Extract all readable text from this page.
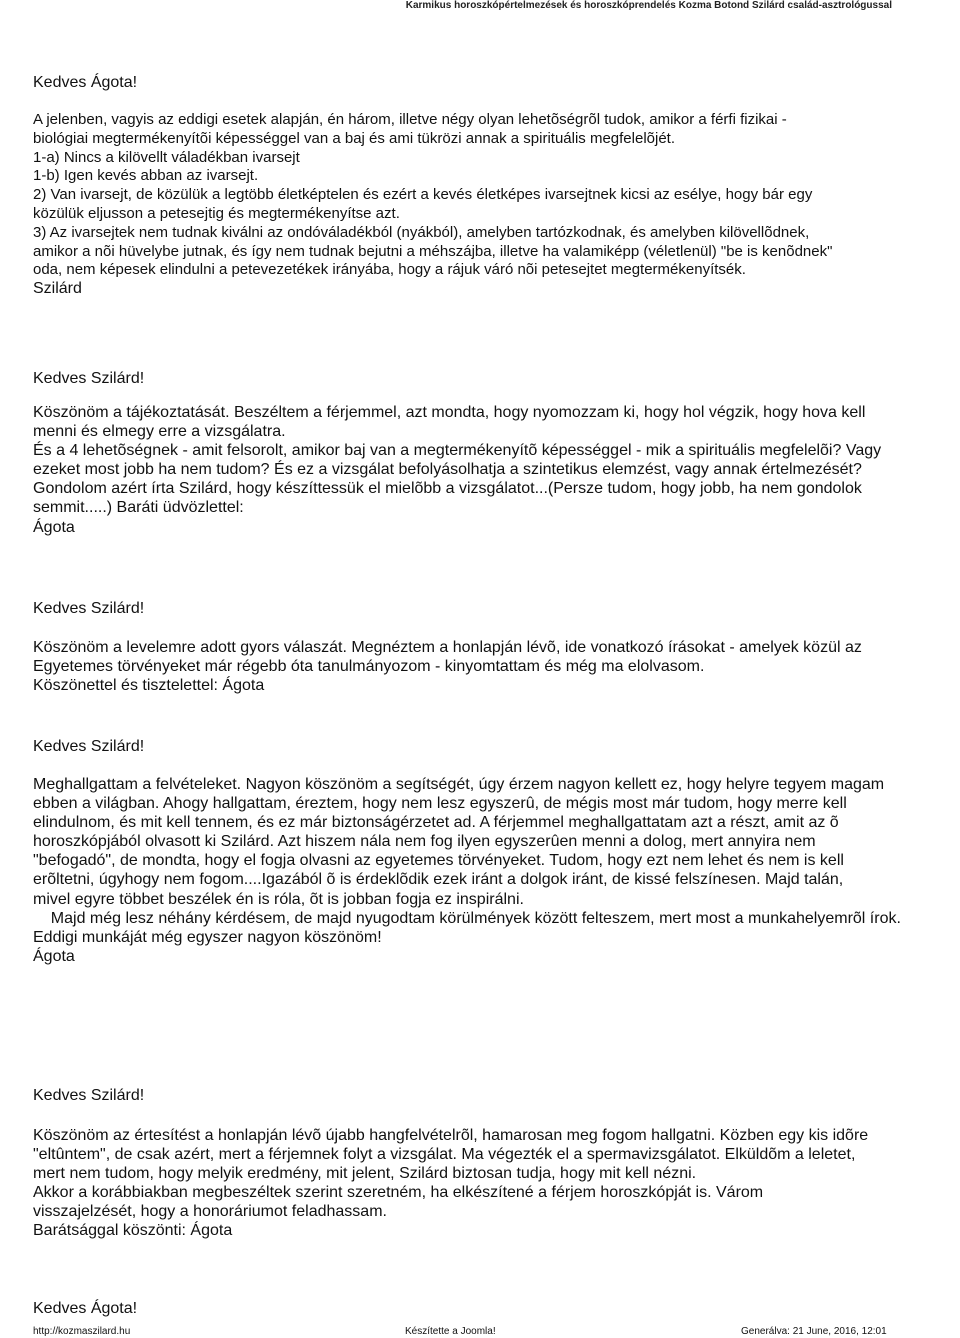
Karmikus horoszkópértelmezések és horoszkóprendelés Kozma Botond Szilárd család-asztrológussal
Kedves Ágota!
A jelenben, vagyis az eddigi esetek alapján, én három, illetve négy olyan lehetõségrõl tudok, amikor a férfi fizikai -
biológiai megtermékenyítõi képességgel van a baj és ami tükrözi annak a spirituális megfelelõjét.
1-a) Nincs a kilövellt váladékban ivarsejt
1-b) Igen kevés abban az ivarsejt.
2) Van ivarsejt, de közülük a legtöbb életképtelen és ezért a kevés életképes ivarsejtnek kicsi az esélye, hogy bár egy
közülük eljusson a petesejtig és megtermékenyítse azt.
3) Az ivarsejtek nem tudnak kiválni az ondóváladékból (nyákból), amelyben tartózkodnak, és amelyben kilövellõdnek,
amikor a nõi hüvelybe jutnak, és így nem tudnak bejutni a méhszájba, illetve ha valamiképp (véletlenül) "be is kenõdnek"
oda, nem képesek elindulni a petevezetékek irányába, hogy a rájuk váró nõi petesejtet megtermékenyítsék.
Szilárd
Kedves Szilárd!
Köszönöm a tájékoztatását. Beszéltem a férjemmel, azt mondta, hogy nyomozzam ki, hogy hol végzik, hogy hova kell
menni és elmegy erre a vizsgálatra.
És a 4 lehetõségnek - amit felsorolt, amikor baj van a megtermékenyítõ képességgel - mik a spirituális megfelelõi? Vagy
ezeket most jobb ha nem tudom? És ez a vizsgálat befolyásolhatja a szintetikus elemzést, vagy annak értelmezését?
Gondolom azért írta Szilárd, hogy készíttessük el mielõbb a vizsgálatot...(Persze tudom, hogy jobb, ha nem gondolok
semmit.....) Baráti üdvözlettel:
Ágota
Kedves Szilárd!
Köszönöm a levelemre adott gyors válaszát. Megnéztem a honlapján lévõ, ide vonatkozó írásokat - amelyek közül az
Egyetemes törvényeket már régebb óta tanulmányozom - kinyomtattam és még ma elolvasom.
Köszönettel és tisztelettel: Ágota
Kedves Szilárd!
Meghallgattam a felvételeket. Nagyon köszönöm a segítségét, úgy érzem nagyon kellett ez, hogy helyre tegyem magam
ebben a világban. Ahogy hallgattam, éreztem, hogy nem lesz egyszerû, de mégis most már tudom, hogy merre kell
elindulnom, és mit kell tennem, és ez már biztonságérzetet ad. A férjemmel meghallgattatam azt a részt, amit az õ
horoszkópjából olvasott ki Szilárd. Azt hiszem nála nem fog ilyen egyszerûen menni a dolog, mert annyira nem
"befogadó", de mondta, hogy el fogja olvasni az egyetemes törvényeket. Tudom, hogy ezt nem lehet és nem is kell
erõltetni, úgyhogy nem fogom....Igazából õ is érdeklõdik ezek iránt a dolgok iránt, de kissé felszínesen. Majd talán,
mivel egyre többet beszélek én is róla, õt is jobban fogja ez inspirálni.
Majd még lesz néhány kérdésem, de majd nyugodtam körülmények között felteszem, mert most a munkahelyemrõl írok.
Eddigi munkáját még egyszer nagyon köszönöm!
Ágota
Kedves Szilárd!
Köszönöm az értesítést a honlapján lévõ újabb hangfelvételrõl, hamarosan meg fogom hallgatni. Közben egy kis idõre
"eltûntem", de csak azért, mert a férjemnek folyt a vizsgálat. Ma végezték el a spermavizsgálatot. Elküldõm a leletet,
mert nem tudom, hogy melyik eredmény, mit jelent, Szilárd biztosan tudja, hogy mit kell nézni.
Akkor a korábbiakban megbeszéltek szerint szeretném, ha elkészítené a férjem horoszkópját is. Várom
visszajelzését, hogy a honoráriumot feladhassam.
Barátsággal köszönti: Ágota
Kedves Ágota!
http://kozmaszilard.hu	Készítette a Joomla!	Generálva: 21 June, 2016, 12:01
